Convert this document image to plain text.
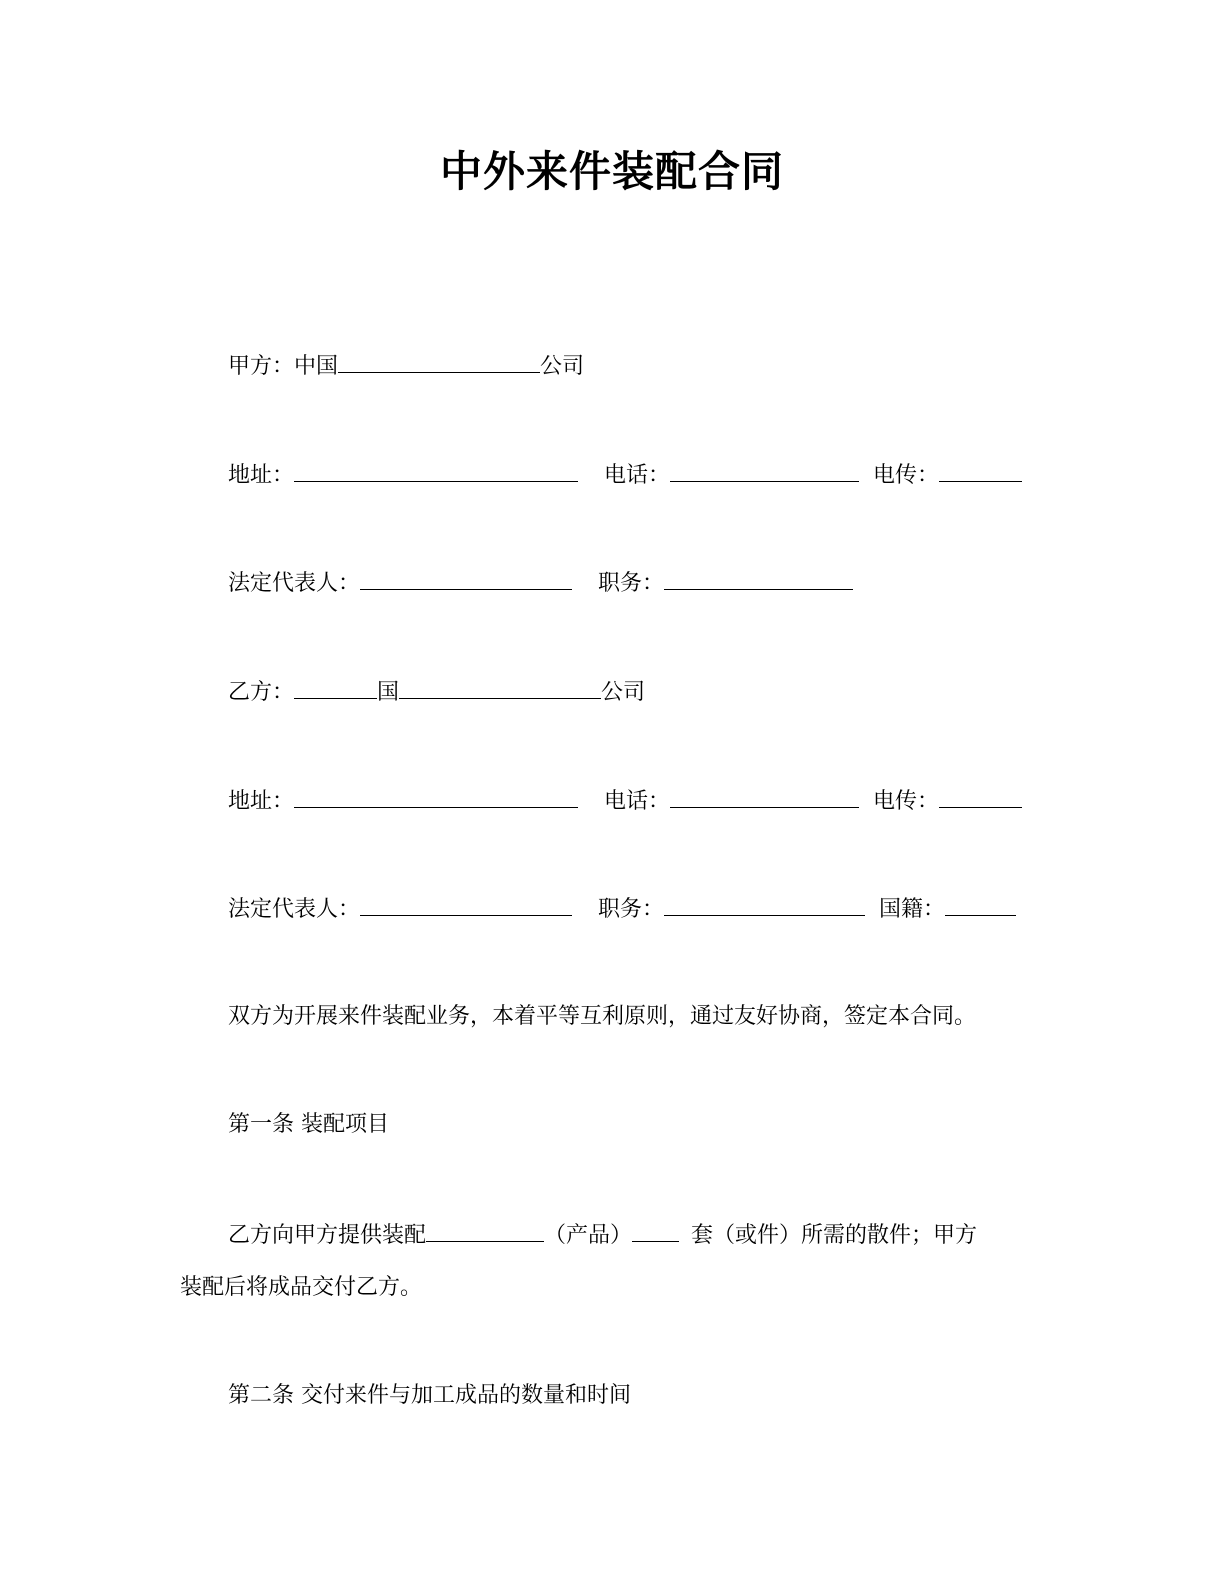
中外来件装配合同
甲方：中国	公司
地址：	电话：	电传：
法定代表人：	职务：
乙方：	国	公司
地址：	电话：	电传：
法定代表人：	职务：	国籍：
双方为开展来件装配业务，本着平等互利原则，通过友好协商，签定本合同。
第一条 装配项目
乙方向甲方提供装配	（产品）	套（或件）所需的散件；甲方
装配后将成品交付乙方。
第二条 交付来件与加工成品的数量和时间
